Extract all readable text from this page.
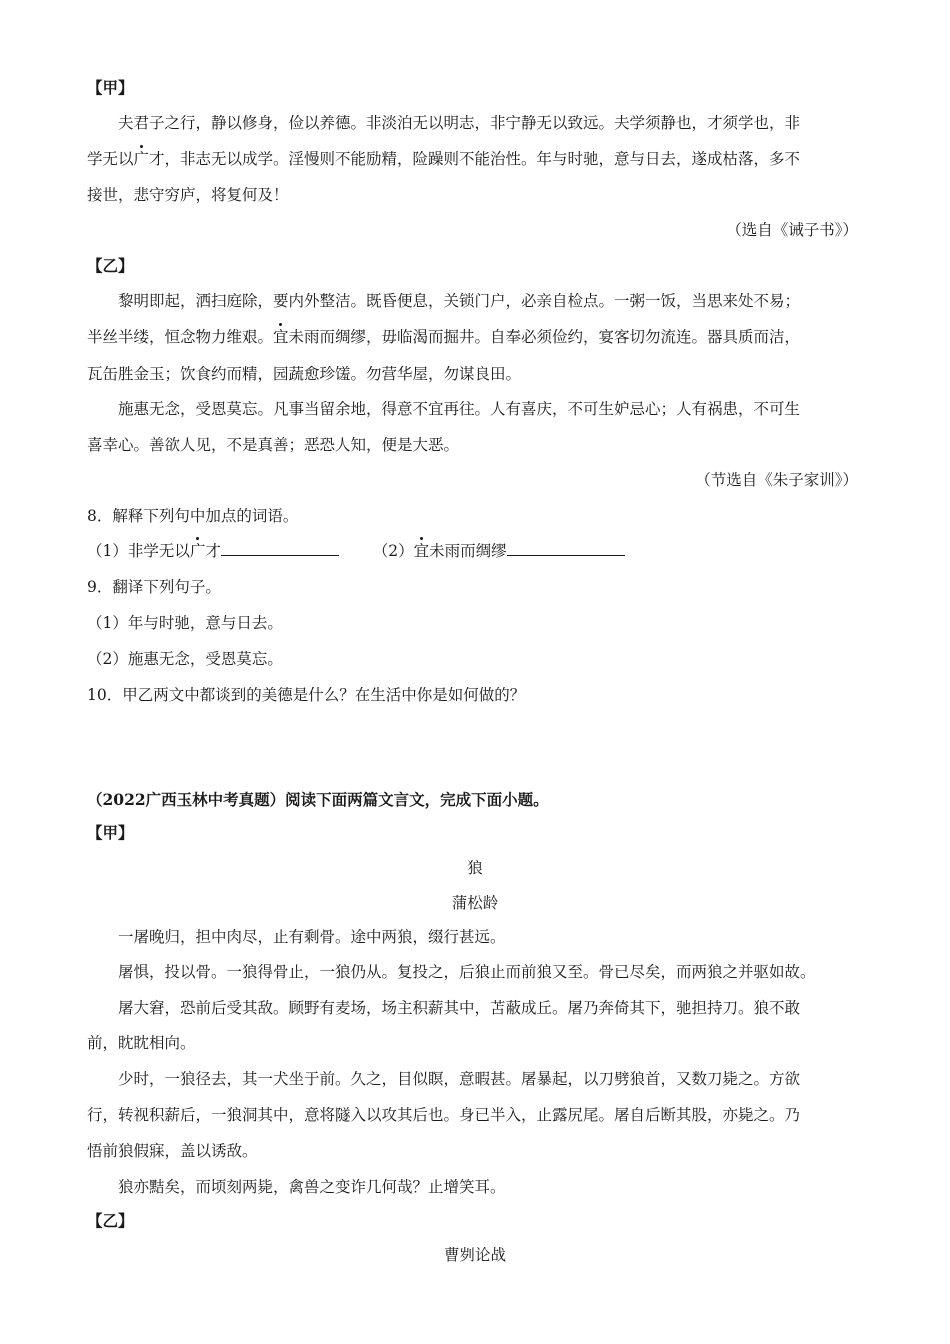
【甲】
夫君子之行，静以修身，俭以养德。非淡泊无以明志，非宁静无以致远。夫学须静也，才须学也，非
学无以广才，非志无以成学。淫慢则不能励精，险躁则不能治性。年与时驰，意与日去，遂成枯落，多不
接世，悲守穷庐，将复何及！
（选自《诫子书》）
【乙】
黎明即起，洒扫庭除，要内外整洁。既昏便息，关锁门户，必亲自检点。一粥一饭，当思来处不易；
半丝半缕，恒念物力维艰。宜未雨而绸缪，毋临渴而掘井。自奉必须俭约，宴客切勿流连。器具质而洁，
瓦缶胜金玉；饮食约而精，园蔬愈珍馐。勿营华屋，勿谋良田。
施惠无念，受恩莫忘。凡事当留余地，得意不宜再往。人有喜庆，不可生妒忌心；人有祸患，不可生
喜幸心。善欲人见，不是真善；恶恐人知，便是大恶。
（节选自《朱子家训》）
8．解释下列句中加点的词语。
（1）非学无以广才	（2）宜未雨而绸缪
9．翻译下列句子。
（1）年与时驰，意与日去。
（2）施惠无念，受恩莫忘。
10．甲乙两文中都谈到的美德是什么？在生活中你是如何做的？
（2022广西玉林中考真题）阅读下面两篇文言文，完成下面小题。
【甲】
狼
蒲松龄
一屠晚归，担中肉尽，止有剩骨。途中两狼，缀行甚远。
屠惧，投以骨。一狼得骨止，一狼仍从。复投之，后狼止而前狼又至。骨已尽矣，而两狼之并驱如故。
屠大窘，恐前后受其敌。顾野有麦场，场主积薪其中，苫蔽成丘。屠乃奔倚其下，驰担持刀。狼不敢
前，眈眈相向。
少时，一狼径去，其一犬坐于前。久之，目似瞑，意暇甚。屠暴起，以刀劈狼首，又数刀毙之。方欲
行，转视积薪后，一狼洞其中，意将隧入以攻其后也。身已半入，止露尻尾。屠自后断其股，亦毙之。乃
悟前狼假寐，盖以诱敌。
狼亦黠矣，而顷刻两毙，禽兽之变诈几何哉？止增笑耳。
【乙】
曹刿论战
